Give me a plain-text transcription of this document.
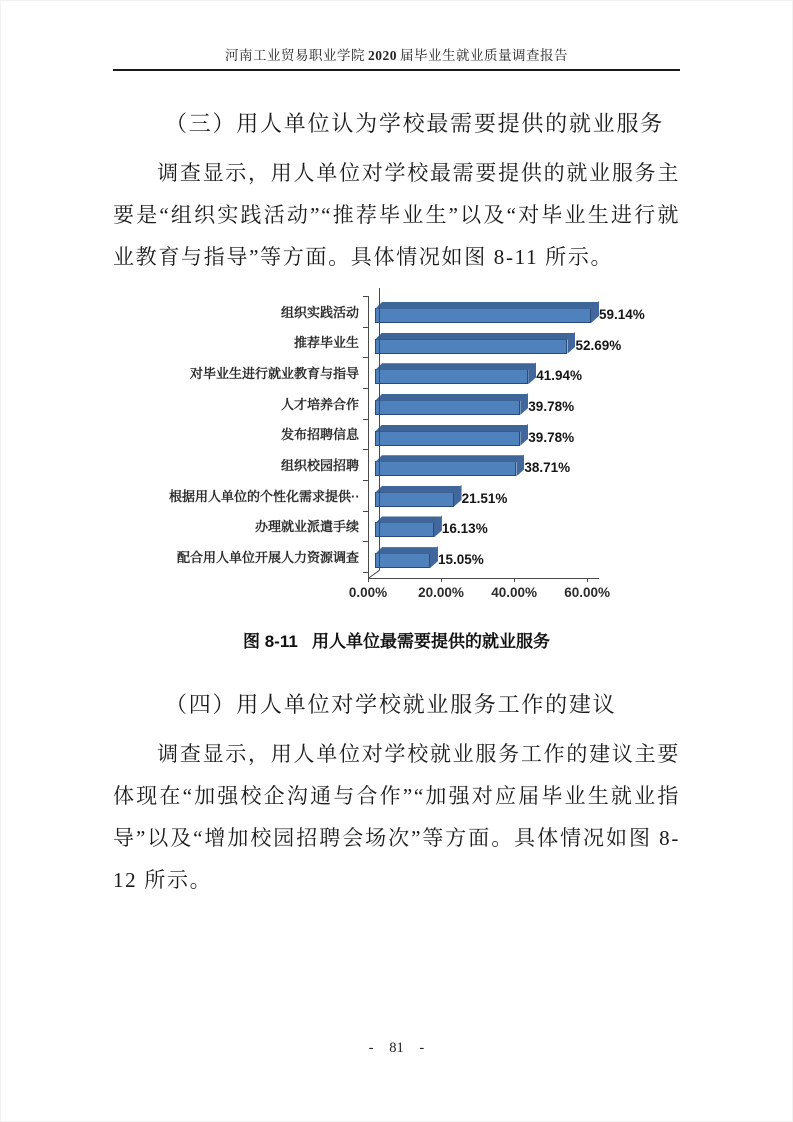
河南工业贸易职业学院 2020 届毕业生就业质量调查报告
（三）用人单位认为学校最需要提供的就业服务

调查显示，用人单位对学校最需要提供的就业服务主要是“组织实践活动”“推荐毕业生”以及“对毕业生进行就业教育与指导”等方面。具体情况如图 8-11 所示。

组织实践活动	59.14%
推荐毕业生	52.69%
对毕业生进行就业教育与指导	41.94%
人才培养合作	39.78%
发布招聘信息	39.78%
组织校园招聘	38.71%
根据用人单位的个性化需求提供··	21.51%
办理就业派遣手续	16.13%
配合用人单位开展人力资源调查	15.05%
0.00% 20.00% 40.00% 60.00%
图 8-11   用人单位最需要提供的就业服务
（四）用人单位对学校就业服务工作的建议

调查显示，用人单位对学校就业服务工作的建议主要体现在“加强校企沟通与合作”“加强对应届毕业生就业指导”以及“增加校园招聘会场次”等方面。具体情况如图 8-12 所示。

- 81 -
